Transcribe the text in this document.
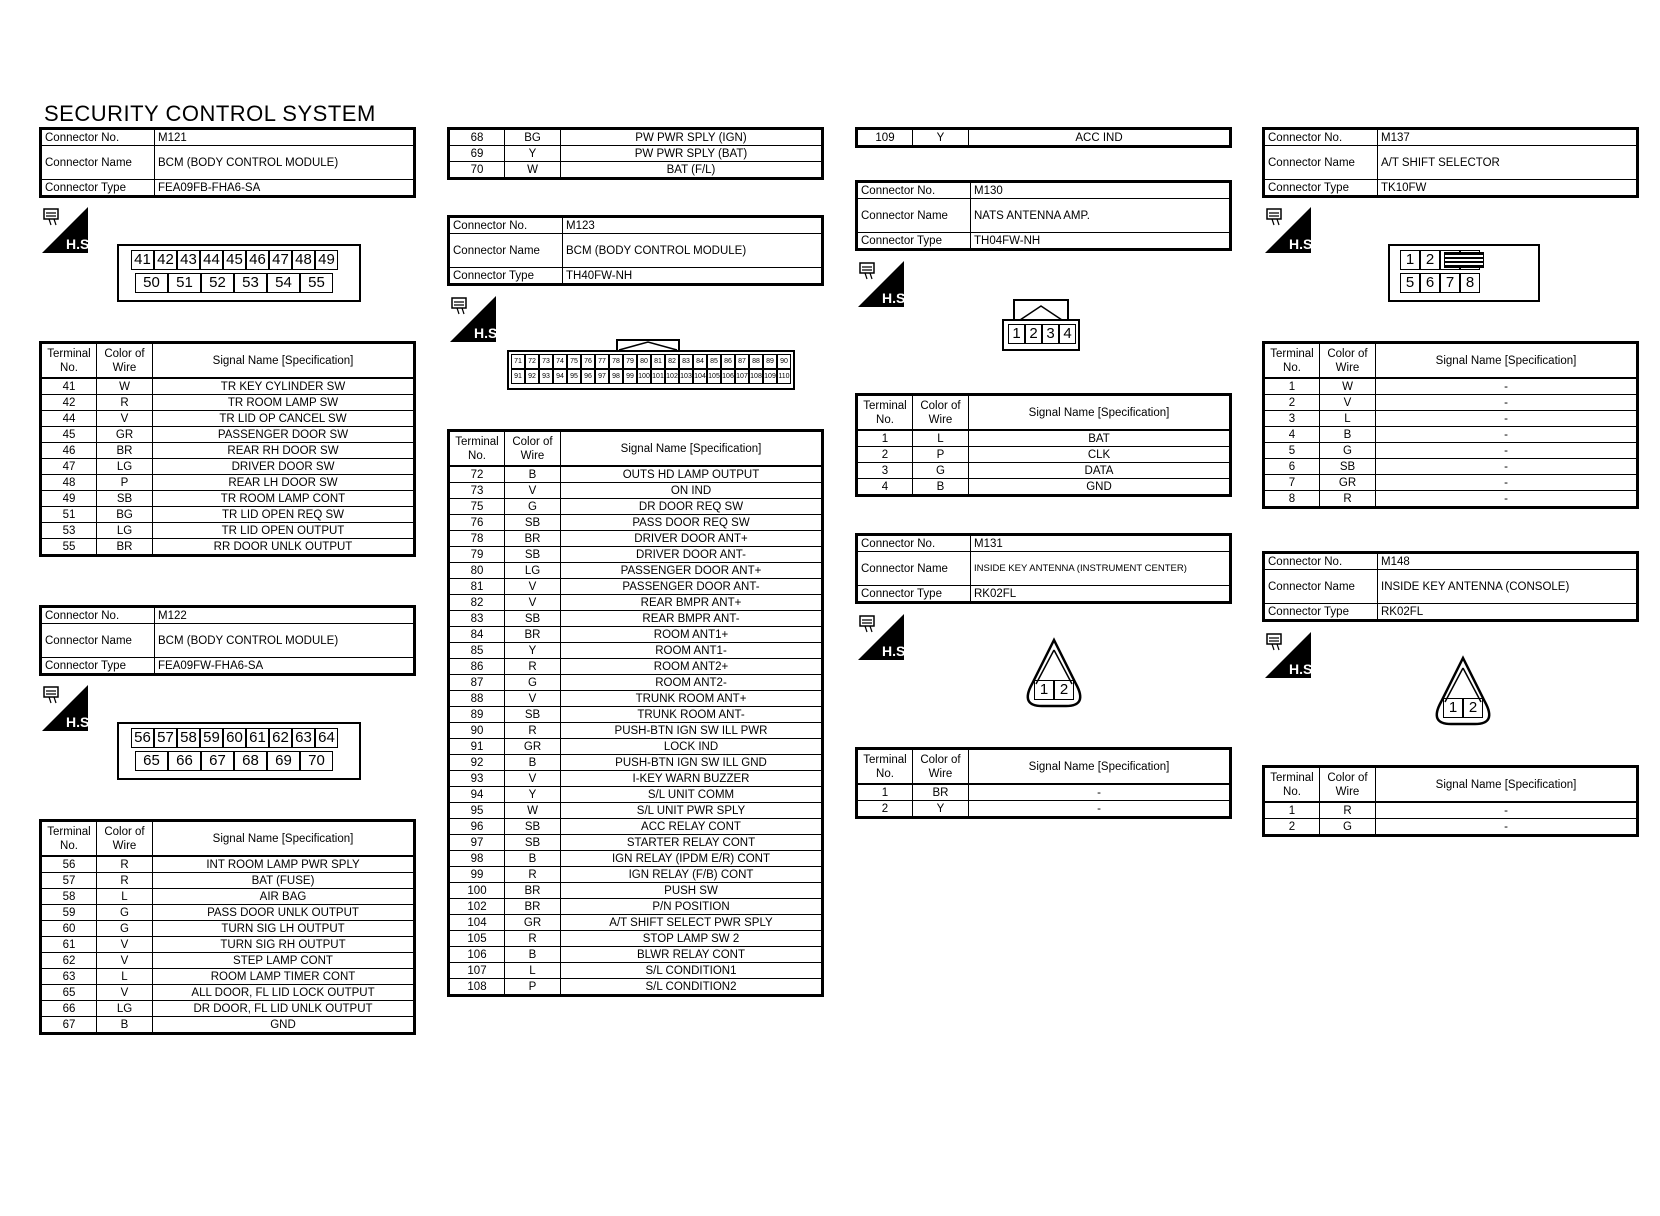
SECURITY CONTROL SYSTEM
Connector No.	M121
Connector Name	BCM (BODY CONTROL MODULE)
Connector Type	FEA09FB-FHA6-SA
H.S.
41 42 43 44 45 46 47 48 49
50	51	52	53	54	55
Terminal No.	Color of Wire	Signal Name [Specification]
41	W	TR KEY CYLINDER SW
42	R	TR ROOM LAMP SW
44	V	TR LID OP CANCEL SW
45	GR	PASSENGER DOOR SW
46	BR	REAR RH DOOR SW
47	LG	DRIVER DOOR SW
48	P	REAR LH DOOR SW
49	SB	TR ROOM LAMP CONT
51	BG	TR LID OPEN REQ SW
53	LG	TR LID OPEN OUTPUT
55	BR	RR DOOR UNLK OUTPUT
Connector No.	M122
Connector Name	BCM (BODY CONTROL MODULE)
Connector Type	FEA09FW-FHA6-SA
H.S.
56 57 58 59 60 61 62 63 64
65	66	67	68	69	70
Terminal No.	Color of Wire	Signal Name [Specification]
56	R	INT ROOM LAMP PWR SPLY
57	R	BAT (FUSE)
58	L	AIR BAG
59	G	PASS DOOR UNLK OUTPUT
60	G	TURN SIG LH OUTPUT
61	V	TURN SIG RH OUTPUT
62	V	STEP LAMP CONT
63	L	ROOM LAMP TIMER CONT
65	V	ALL DOOR, FL LID LOCK OUTPUT
66	LG	DR DOOR, FL LID UNLK OUTPUT
67	B	GND
68	BG	PW PWR SPLY (IGN)
69	Y	PW PWR SPLY (BAT)
70	W	BAT (F/L)
Connector No.	M123
Connector Name	BCM (BODY CONTROL MODULE)
Connector Type	TH40FW-NH
H.S.
71 72 73 74 75 76 77 78 79 80 81 82 83 84 85 86 87 88 89 90
91 92 93 94 95 96 97 98 99 100 101 102 103 104 105 106 107 108 109 110
Terminal No.	Color of Wire	Signal Name [Specification]
72	B	OUTS HD LAMP OUTPUT
73	V	ON IND
75	G	DR DOOR REQ SW
76	SB	PASS DOOR REQ SW
78	BR	DRIVER DOOR ANT+
79	SB	DRIVER DOOR ANT-
80	LG	PASSENGER DOOR ANT+
81	V	PASSENGER DOOR ANT-
82	V	REAR BMPR ANT+
83	SB	REAR BMPR ANT-
84	BR	ROOM ANT1+
85	Y	ROOM ANT1-
86	R	ROOM ANT2+
87	G	ROOM ANT2-
88	V	TRUNK ROOM ANT+
89	SB	TRUNK ROOM ANT-
90	R	PUSH-BTN IGN SW ILL PWR
91	GR	LOCK IND
92	B	PUSH-BTN IGN SW ILL GND
93	V	I-KEY WARN BUZZER
94	Y	S/L UNIT COMM
95	W	S/L UNIT PWR SPLY
96	SB	ACC RELAY CONT
97	SB	STARTER RELAY CONT
98	B	IGN RELAY (IPDM E/R) CONT
99	R	IGN RELAY (F/B) CONT
100	BR	PUSH SW
102	BR	P/N POSITION
104	GR	A/T SHIFT SELECT PWR SPLY
105	R	STOP LAMP SW 2
106	B	BLWR RELAY CONT
107	L	S/L CONDITION1
108	P	S/L CONDITION2
109	Y	ACC IND
Connector No.	M130
Connector Name	NATS ANTENNA AMP.
Connector Type	TH04FW-NH
H.S.
1 2 3 4
Terminal No.	Color of Wire	Signal Name [Specification]
1	L	BAT
2	P	CLK
3	G	DATA
4	B	GND
Connector No.	M131
Connector Name	INSIDE KEY ANTENNA (INSTRUMENT CENTER)
Connector Type	RK02FL
H.S.
1 2
Terminal No.	Color of Wire	Signal Name [Specification]
1	BR	-
2	Y	-
Connector No.	M137
Connector Name	A/T SHIFT SELECTOR
Connector Type	TK10FW
H.S.
1 2
5 6 7 8
Terminal No.	Color of Wire	Signal Name [Specification]
1	W	-
2	V	-
3	L	-
4	B	-
5	G	-
6	SB	-
7	GR	-
8	R	-
Connector No.	M148
Connector Name	INSIDE KEY ANTENNA (CONSOLE)
Connector Type	RK02FL
H.S.
1 2
Terminal No.	Color of Wire	Signal Name [Specification]
1	R	-
2	G	-
